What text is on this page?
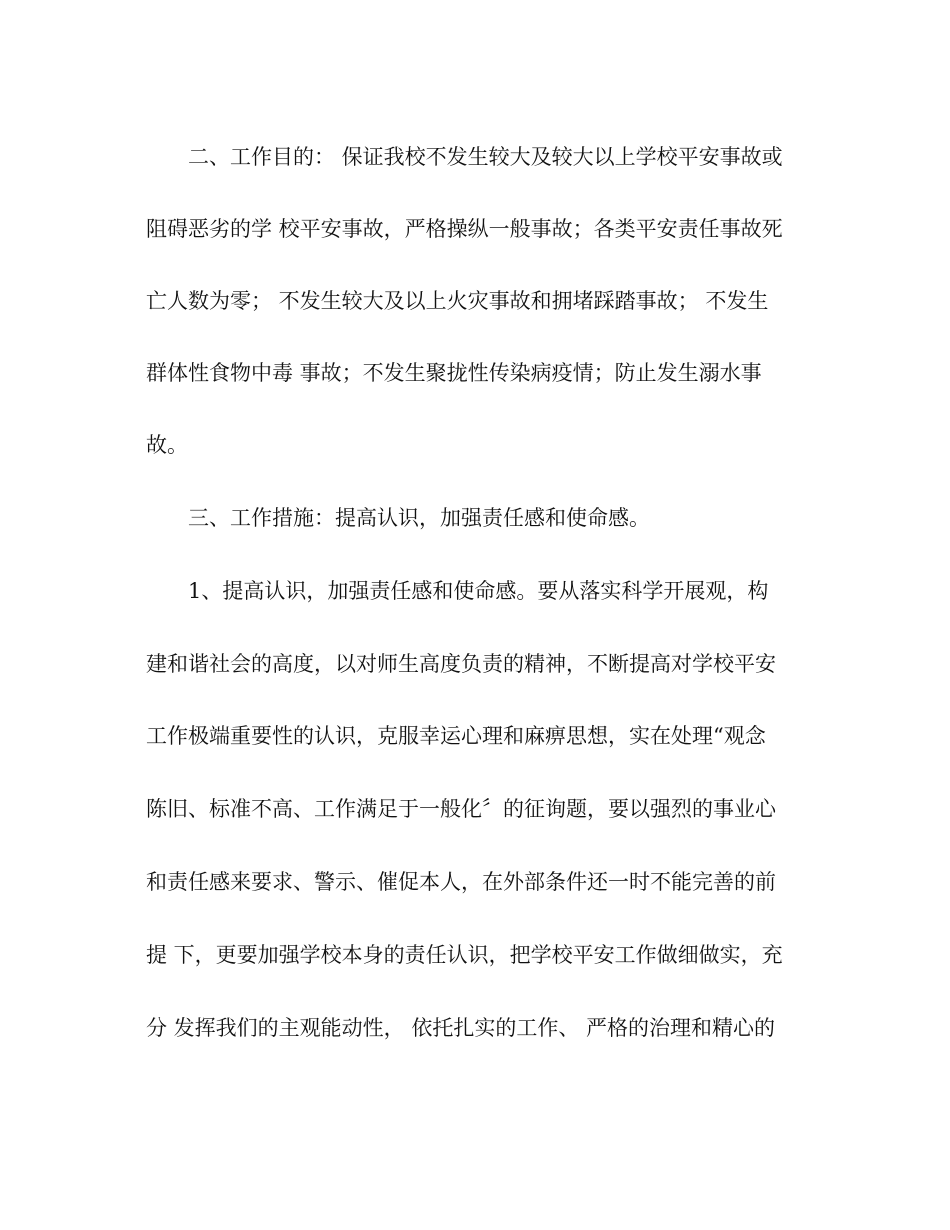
二、工作目的： 保证我校不发生较大及较大以上学校平安事故或
阻碍恶劣的学 校平安事故，严格操纵一般事故；各类平安责任事故死
亡人数为零； 不发生较大及以上火灾事故和拥堵踩踏事故； 不发生
群体性食物中毒 事故；不发生聚拢性传染病疫情；防止发生溺水事
故。
三、工作措施：提高认识，加强责任感和使命感。
1、提高认识，加强责任感和使命感。要从落实科学开展观，构
建和谐社会的高度，以对师生高度负责的精神，不断提高对学校平安
工作极端重要性的认识，克服幸运心理和麻痹思想，实在处理“观念
陈旧、标准不高、工作满足于一般化〞的征询题，要以强烈的事业心
和责任感来要求、警示、催促本人，在外部条件还一时不能完善的前
提 下，更要加强学校本身的责任认识，把学校平安工作做细做实，充
分 发挥我们的主观能动性， 依托扎实的工作、 严格的治理和精心的
